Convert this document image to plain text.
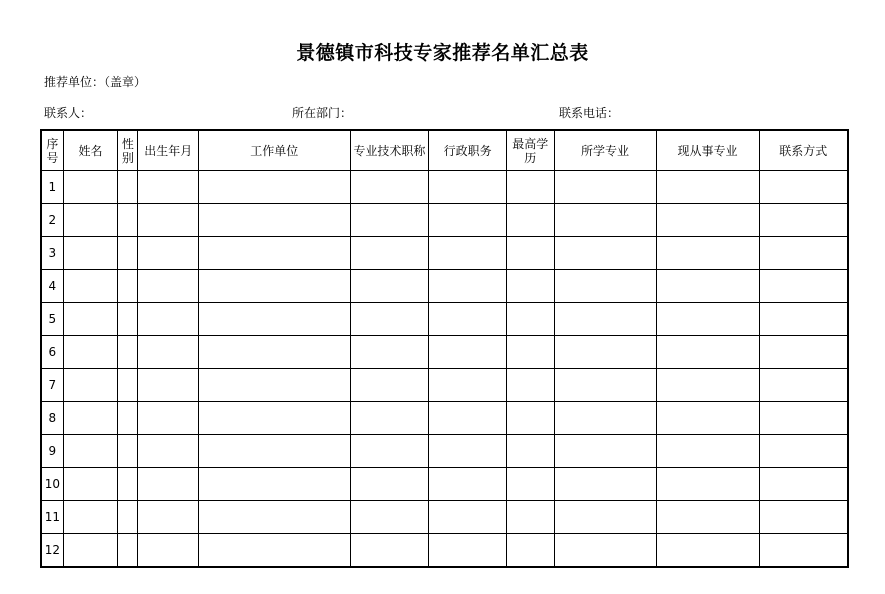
景德镇市科技专家推荐名单汇总表
推荐单位：（盖章）
联系人：	所在部门：	联系电话：
序号	姓名	性别	出生年月	工作单位	专业技术职称	行政职务	最高学历	所学专业	现从事专业	联系方式
1										
2										
3										
4										
5										
6										
7										
8										
9										
10										
11										
12										
